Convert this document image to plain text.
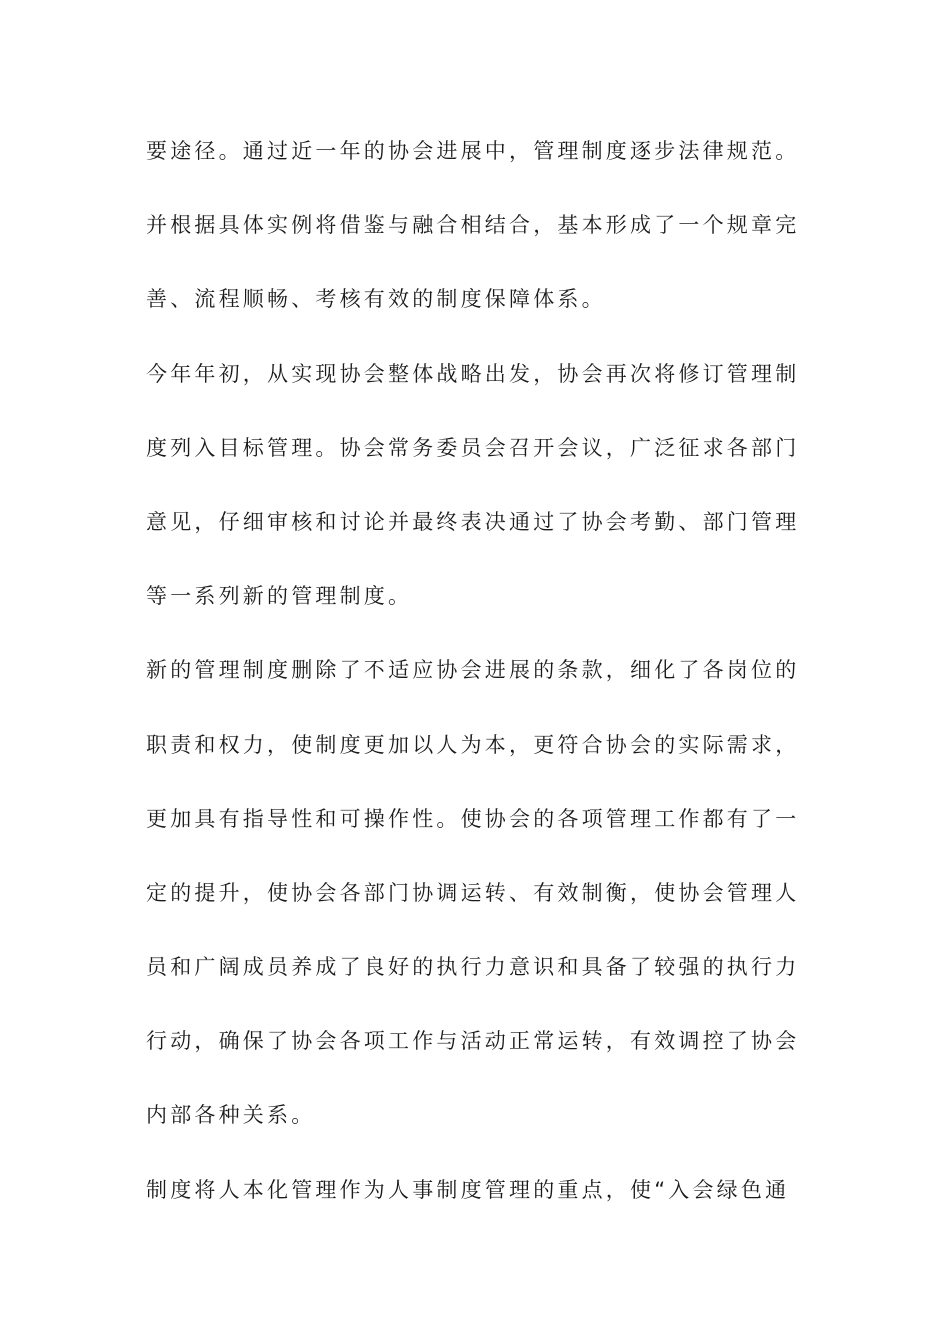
要途径。通过近一年的协会进展中，管理制度逐步法律规范。
并根据具体实例将借鉴与融合相结合，基本形成了一个规章完
善、流程顺畅、考核有效的制度保障体系。
今年年初，从实现协会整体战略出发，协会再次将修订管理制
度列入目标管理。协会常务委员会召开会议，广泛征求各部门
意见，仔细审核和讨论并最终表决通过了协会考勤、部门管理
等一系列新的管理制度。
新的管理制度删除了不适应协会进展的条款，细化了各岗位的
职责和权力，使制度更加以人为本，更符合协会的实际需求，
更加具有指导性和可操作性。使协会的各项管理工作都有了一
定的提升，使协会各部门协调运转、有效制衡，使协会管理人
员和广阔成员养成了良好的执行力意识和具备了较强的执行力
行动，确保了协会各项工作与活动正常运转，有效调控了协会
内部各种关系。
制度将人本化管理作为人事制度管理的重点，使“入会绿色通
